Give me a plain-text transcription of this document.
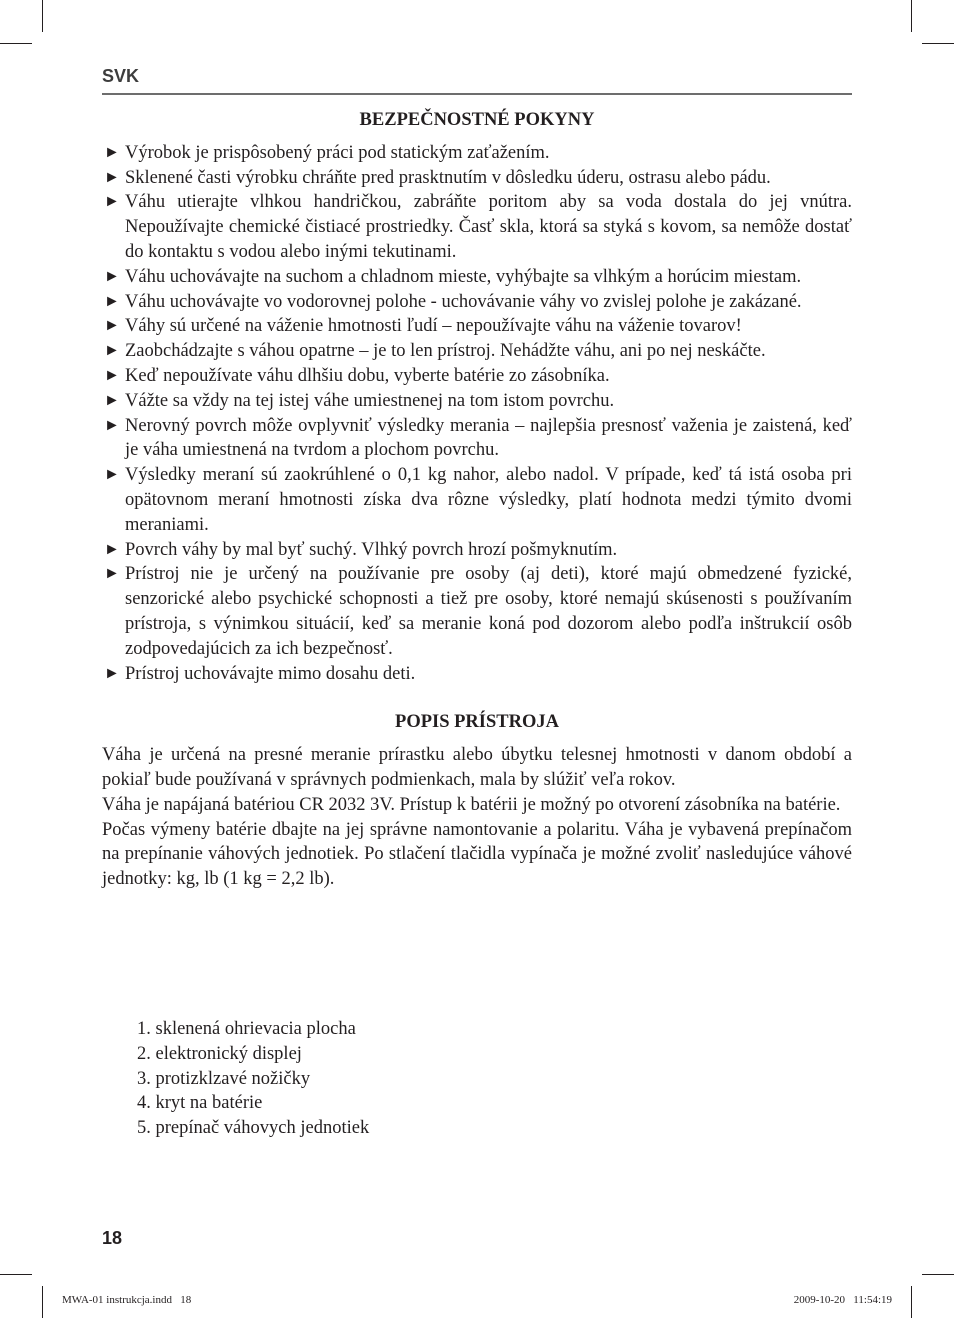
SVK
BEZPEČNOSTNÉ POKYNY
► Výrobok je prispôsobený práci pod statickým zaťažením.
► Sklenené časti výrobku chráňte pred prasktnutím v dôsledku úderu, ostrasu alebo pádu.
► Váhu utierajte vlhkou handričkou, zabráňte poritom aby sa voda dostala do jej vnútra. Nepoužívajte chemické čistiacé prostriedky. Časť skla, ktorá sa styká s kovom, sa nemôže dostať do kontaktu s vodou alebo inými tekutinami.
► Váhu uchovávajte na suchom a chladnom mieste, vyhýbajte sa vlhkým a horúcim miestam.
► Váhu uchovávajte vo vodorovnej polohe - uchovávanie váhy vo zvislej polohe je zakázané.
► Váhy sú určené na váženie hmotnosti ľudí – nepoužívajte váhu na váženie tovarov!
► Zaobchádzajte s váhou opatrne – je to len prístroj. Nehádžte váhu, ani po nej neskáčte.
► Keď nepoužívate váhu dlhšiu dobu, vyberte batérie zo zásobníka.
► Vážte sa vždy na tej istej váhe umiestnenej na tom istom povrchu.
► Nerovný povrch môže ovplyvniť výsledky merania – najlepšia presnosť važenia je zaistená, keď je váha umiestnená na tvrdom a plochom povrchu.
► Výsledky meraní sú zaokrúhlené o 0,1 kg nahor, alebo nadol. V prípade, keď tá istá osoba pri opätovnom meraní hmotnosti získa dva rôzne výsledky, platí hodnota medzi týmito dvomi meraniami.
► Povrch váhy by mal byť suchý. Vlhký povrch hrozí pošmyknutím.
► Prístroj nie je určený na používanie pre osoby (aj deti), ktoré majú obmedzené fyzické, senzorické alebo psychické schopnosti a tiež pre osoby, ktoré nemajú skúsenosti s používaním prístroja, s výnimkou situácií, keď sa meranie koná pod dozorom alebo podľa inštrukcií osôb zodpovedajúcich za ich bezpečnosť.
► Prístroj uchovávajte mimo dosahu deti.
POPIS PRÍSTROJA

Váha je určená na presné meranie prírastku alebo úbytku telesnej hmotnosti v danom období a pokiaľ bude používaná v správnych podmienkach, mala by slúžiť veľa rokov.

Váha je napájaná batériou CR 2032 3V. Prístup k batérii je možný po otvorení zásobníka na batérie.

Počas výmeny batérie dbajte na jej správne namontovanie a polaritu. Váha je vybavená prepínačom na prepínanie váhových jednotiek. Po stlačení tlačidla vypínača je možné zvoliť nasledujúce váhové jednotky: kg, lb (1 kg = 2,2 lb).

1. sklenená ohrievacia plocha
2. elektronický displej
3. protizklzavé nožičky
4. kryt na batérie
5. prepínač váhovych jednotiek
18
MWA-01 instrukcja.indd   18	2009-10-20   11:54:19
